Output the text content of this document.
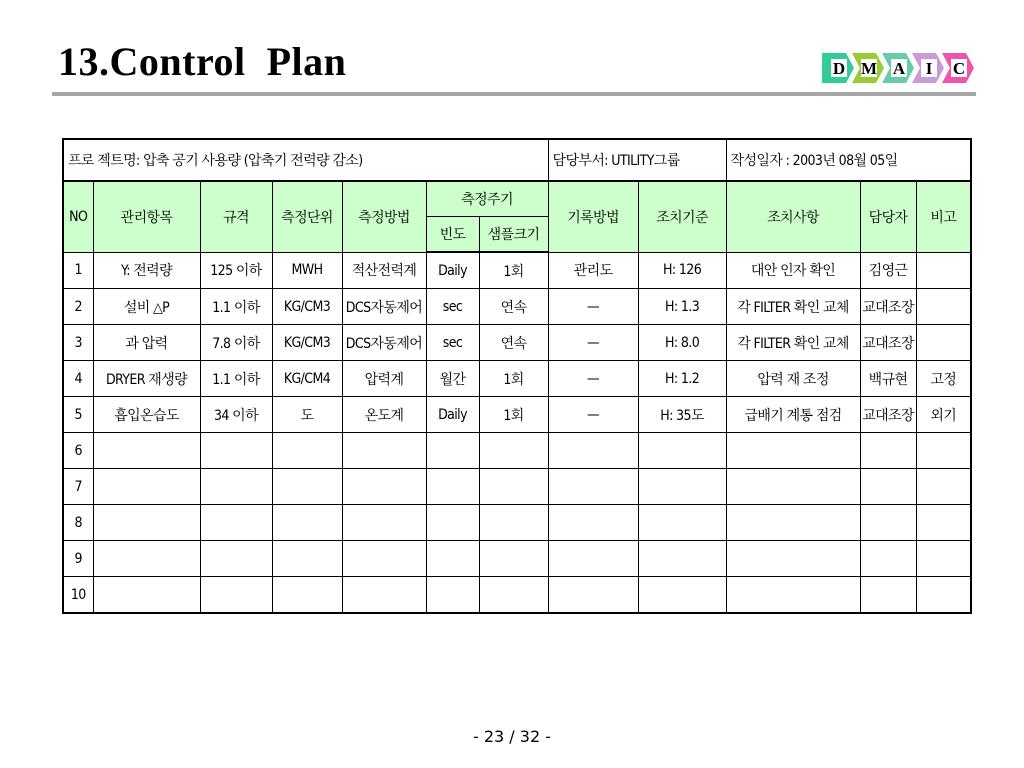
13.Control  Plan	D M A I C
프로 젝트명: 압축 공기 사용량 (압축기 전력량 감소)							담당부서: UTILITY그룹		작성일자 : 2003년 08월 05일		
NO	관리항목	규격	측정단위	측정방법	측정주기		기록방법	조치기준	조치사항	담당자	비고
					빈도	샘플크기					
1	Y: 전력량	125 이하	MWH	적산전력계	Daily	1회	관리도	H: 126	대안 인자 확인	김영근	
2	설비 △P	1.1 이하	KG/CM3	DCS자동제어	sec	연속	—	H: 1.3	각 FILTER 확인 교체	교대조장	
3	과 압력	7.8 이하	KG/CM3	DCS자동제어	sec	연속	—	H: 8.0	각 FILTER 확인 교체	교대조장	
4	DRYER 재생량	1.1 이하	KG/CM4	압력계	월간	1회	—	H: 1.2	압력 재 조정	백규현	고정
5	흡입온습도	34 이하	도	온도계	Daily	1회	—	H: 35도	급배기 계통 점검	교대조장	외기
6											
7											
8											
9											
10											
- 23 / 32 -
